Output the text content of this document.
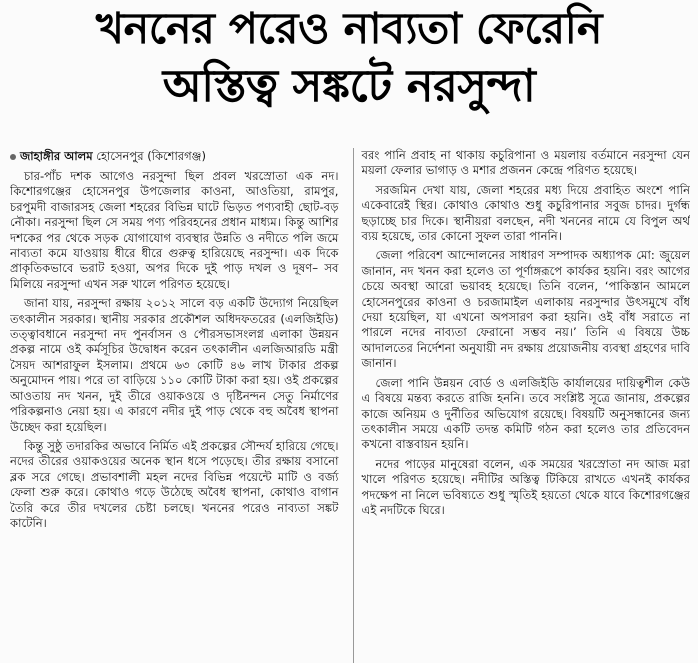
খননের পরেও নাব্যতা ফেরেনি
অস্তিত্ব সঙ্কটে নরসুন্দা
জাহাঙ্গীর আলম হোসেনপুর (কিশোরগঞ্জ)

চার-পাঁচ দশক আগেও নরসুন্দা ছিল প্রবল খরস্রোতা এক নদ। কিশোরগঞ্জের হোসেনপুর উপজেলার কাওনা, আওতিয়া, রামপুর, চরপুমদী বাজারসহ জেলা শহরের বিভিন্ন ঘাটে ভিড়ত পণ্যবাহী ছোট-বড় নৌকা। নরসুন্দা ছিল সে সময় পণ্য পরিবহনের প্রধান মাধ্যম। কিন্তু আশির দশকের পর থেকে সড়ক যোগাযোগ ব্যবস্থার উন্নতি ও নদীতে পলি জমে নাব্যতা কমে যাওয়ায় ধীরে ধীরে গুরুত্ব হারিয়েছে নরসুন্দা। এক দিকে প্রাকৃতিকভাবে ভরাট হওয়া, অপর দিকে দুই পাড় দখল ও দূষণ– সব মিলিয়ে নরসুন্দা এখন সরু খালে পরিণত হয়েছে।

জানা যায়, নরসুন্দা রক্ষায় ২০১২ সালে বড় একটি উদ্যোগ নিয়েছিল তৎকালীন সরকার। স্থানীয় সরকার প্রকৌশল অধিদফতরের (এলজিইডি) তত্ত্বাবধানে নরসুন্দা নদ পুনর্বাসন ও পৌরসভাসংলগ্ন এলাকা উন্নয়ন প্রকল্প নামে ওই কর্মসূচির উদ্বোধন করেন তৎকালীন এলজিআরডি মন্ত্রী সৈয়দ আশরাফুল ইসলাম। প্রথমে ৬৩ কোটি ৪৬ লাখ টাকার প্রকল্প অনুমোদন পায়। পরে তা বাড়িয়ে ১১০ কোটি টাকা করা হয়। ওই প্রকল্পের আওতায় নদ খনন, দুই তীরে ওয়াকওয়ে ও দৃষ্টিনন্দন সেতু নির্মাণের পরিকল্পনাও নেয়া হয়। এ কারণে নদীর দুই পাড় থেকে বহু অবৈধ স্থাপনা উচ্ছেদ করা হয়েছিল।

কিন্তু সুষ্ঠু তদারকির অভাবে নির্মিত এই প্রকল্পের সৌন্দর্য হারিয়ে গেছে। নদের তীরের ওয়াকওয়ের অনেক স্থান ধসে পড়েছে। তীর রক্ষায় বসানো ব্লক সরে গেছে। প্রভাবশালী মহল নদের বিভিন্ন পয়েন্টে মাটি ও বর্জ্য ফেলা শুরু করে। কোথাও গড়ে উঠেছে অবৈধ স্থাপনা, কোথাও বাগান তৈরি করে তীর দখলের চেষ্টা চলছে। খননের পরেও নাব্যতা সঙ্কট কাটেনি।

বরং পানি প্রবাহ না থাকায় কচুরিপানা ও ময়লায় বর্তমানে নরসুন্দা যেন ময়লা ফেলার ভাগাড় ও মশার প্রজনন কেন্দ্রে পরিণত হয়েছে।

সরজমিন দেখা যায়, জেলা শহরের মধ্য দিয়ে প্রবাহিত অংশে পানি একেবারেই স্থির। কোথাও কোথাও শুধু কচুরিপানার সবুজ চাদর। দুর্গন্ধ ছড়াচ্ছে চার দিকে। স্থানীয়রা বলছেন, নদী খননের নামে যে বিপুল অর্থ ব্যয় হয়েছে, তার কোনো সুফল তারা পাননি।

জেলা পরিবেশ আন্দোলনের সাধারণ সম্পাদক অধ্যাপক মো: জুয়েল জানান, নদ খনন করা হলেও তা পূর্ণাঙ্গরূপে কার্যকর হয়নি। বরং আগের চেয়ে অবস্থা আরো ভয়াবহ হয়েছে। তিনি বলেন, ‘পাকিস্তান আমলে হোসেনপুরের কাওনা ও চরজামাইল এলাকায় নরসুন্দার উৎসমুখে বাঁধ দেয়া হয়েছিল, যা এখনো অপসারণ করা হয়নি। ওই বাঁধ সরাতে না পারলে নদের নাব্যতা ফেরানো সম্ভব নয়।’ তিনি এ বিষয়ে উচ্চ আদালতের নির্দেশনা অনুযায়ী নদ রক্ষায় প্রয়োজনীয় ব্যবস্থা গ্রহণের দাবি জানান।

জেলা পানি উন্নয়ন বোর্ড ও এলজিইডি কার্যালয়ের দায়িত্বশীল কেউ এ বিষয়ে মন্তব্য করতে রাজি হননি। তবে সংশ্লিষ্ট সূত্রে জানায়, প্রকল্পের কাজে অনিয়ম ও দুর্নীতির অভিযোগ রয়েছে। বিষয়টি অনুসন্ধানের জন্য তৎকালীন সময়ে একটি তদন্ত কমিটি গঠন করা হলেও তার প্রতিবেদন কখনো বাস্তবায়ন হয়নি।

নদের পাড়ের মানুষেরা বলেন, এক সময়ের খরস্রোতা নদ আজ মরা খালে পরিণত হয়েছে। নদীটির অস্তিত্ব টিকিয়ে রাখতে এখনই কার্যকর পদক্ষেপ না নিলে ভবিষ্যতে শুধু স্মৃতিই হয়তো থেকে যাবে কিশোরগঞ্জের এই নদটিকে ঘিরে।
